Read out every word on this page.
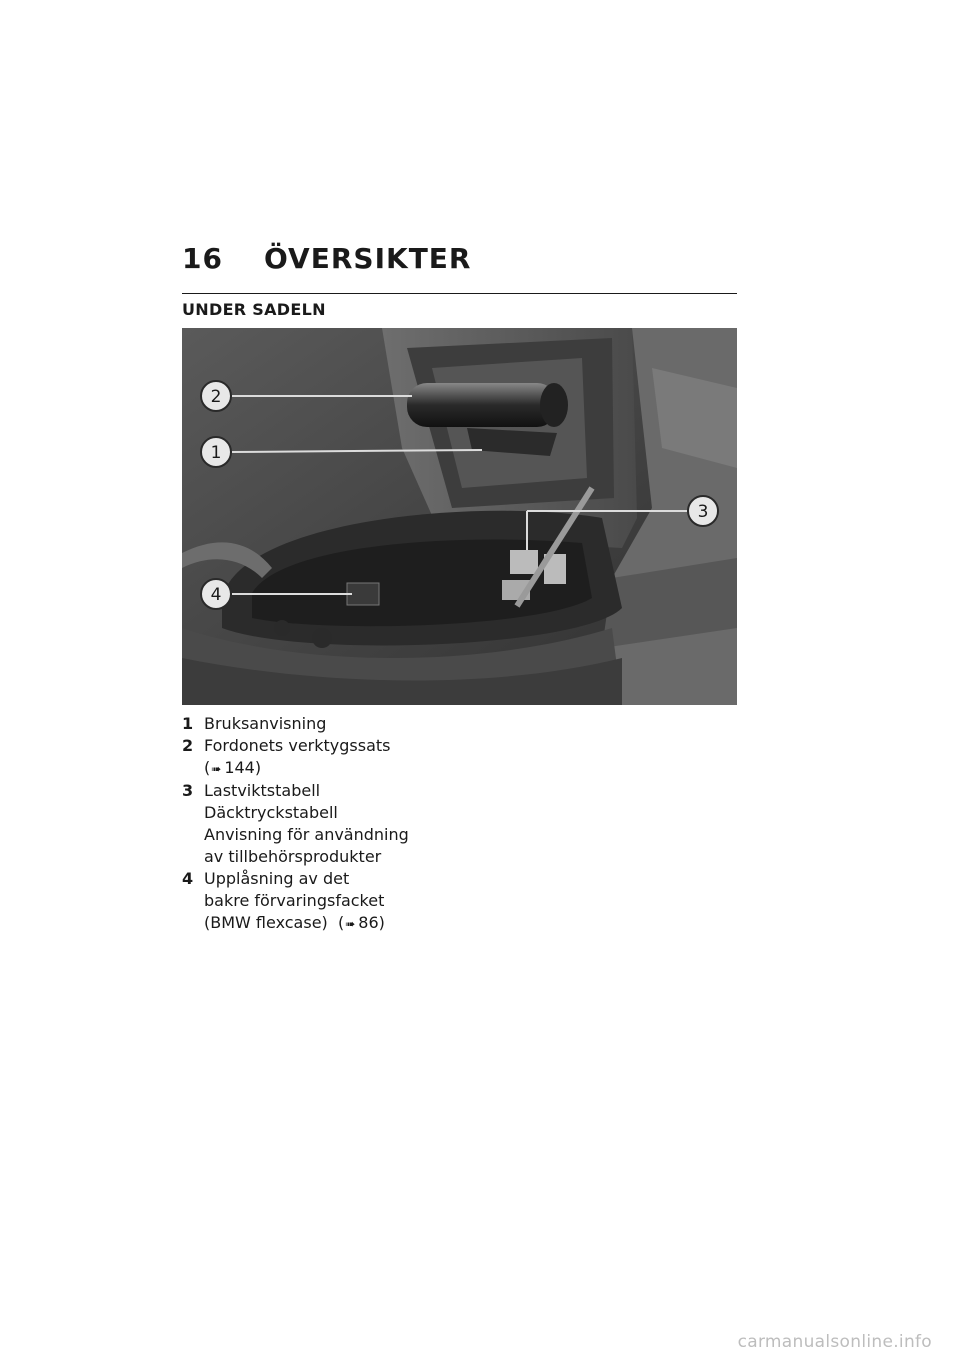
16 ÖVERSIKTER
UNDER SADELN
2
1
3
4
1 Bruksanvisning
2 Fordonets verktygssats
(➠ 144)
3 Lastviktstabell
Däcktryckstabell
Anvisning för användning
av tillbehörsprodukter
4 Upplåsning av det
bakre förvaringsfacket
(BMW flexcase)  (➠ 86)
carmanualsonline.info
